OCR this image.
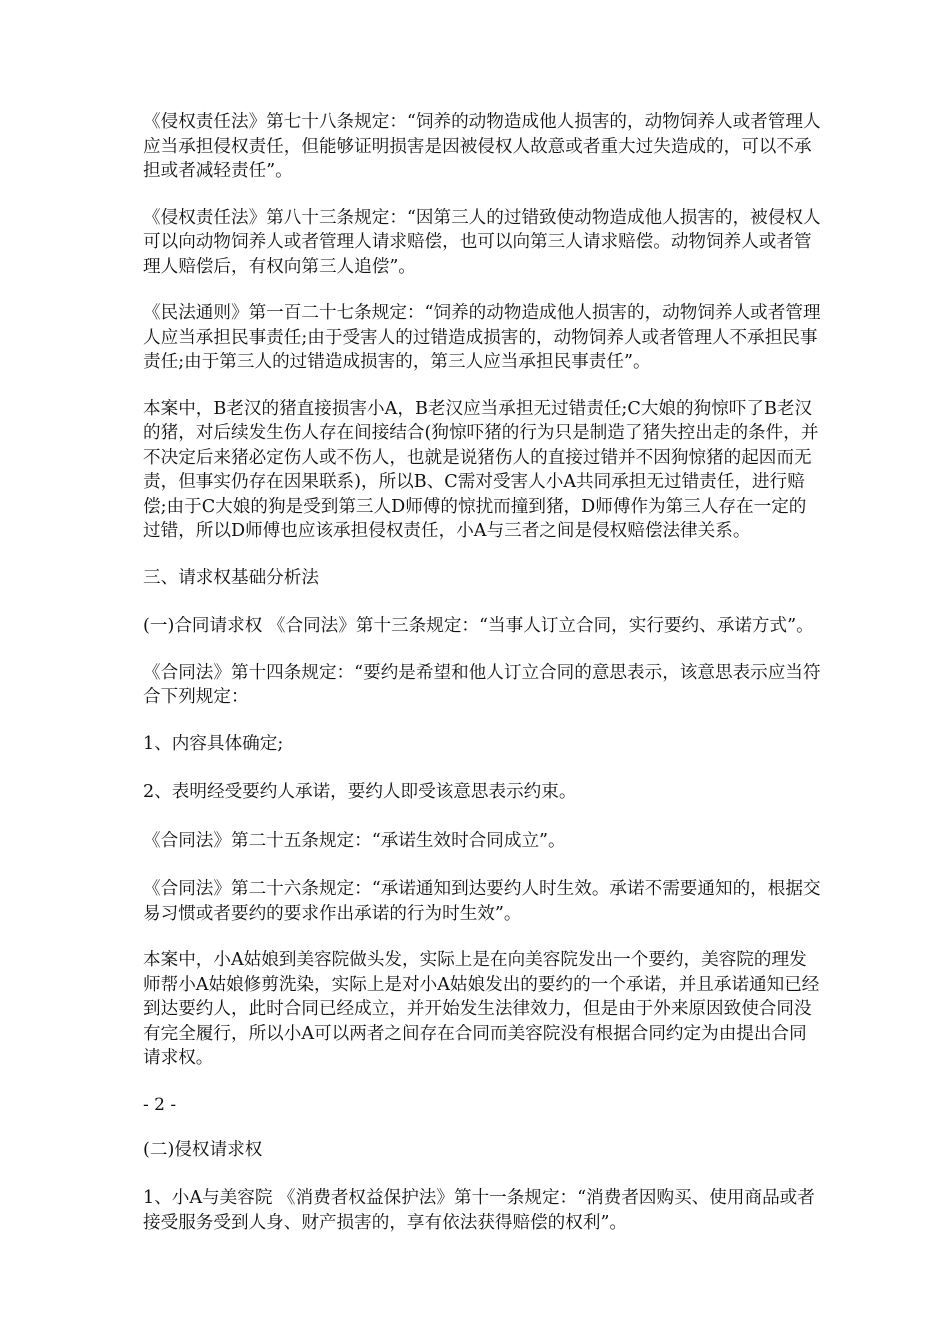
《侵权责任法》第七十八条规定：“饲养的动物造成他人损害的，动物饲养人或者管理人应当承担侵权责任，但能够证明损害是因被侵权人故意或者重大过失造成的，可以不承担或者减轻责任”。

《侵权责任法》第八十三条规定：“因第三人的过错致使动物造成他人损害的，被侵权人可以向动物饲养人或者管理人请求赔偿，也可以向第三人请求赔偿。动物饲养人或者管理人赔偿后，有权向第三人追偿”。

《民法通则》第一百二十七条规定：“饲养的动物造成他人损害的，动物饲养人或者管理人应当承担民事责任;由于受害人的过错造成损害的，动物饲养人或者管理人不承担民事责任;由于第三人的过错造成损害的，第三人应当承担民事责任”。

本案中，B老汉的猪直接损害小A，B老汉应当承担无过错责任;C大娘的狗惊吓了B老汉的猪，对后续发生伤人存在间接结合(狗惊吓猪的行为只是制造了猪失控出走的条件，并不决定后来猪必定伤人或不伤人，也就是说猪伤人的直接过错并不因狗惊猪的起因而无责，但事实仍存在因果联系)，所以B、C需对受害人小A共同承担无过错责任，进行赔偿;由于C大娘的狗是受到第三人D师傅的惊扰而撞到猪，D师傅作为第三人存在一定的过错，所以D师傅也应该承担侵权责任，小A与三者之间是侵权赔偿法律关系。

三、请求权基础分析法

(一)合同请求权 《合同法》第十三条规定：“当事人订立合同，实行要约、承诺方式”。

《合同法》第十四条规定：“要约是希望和他人订立合同的意思表示，该意思表示应当符合下列规定：

1、内容具体确定;

2、表明经受要约人承诺，要约人即受该意思表示约束。

《合同法》第二十五条规定：“承诺生效时合同成立”。

《合同法》第二十六条规定：“承诺通知到达要约人时生效。承诺不需要通知的，根据交易习惯或者要约的要求作出承诺的行为时生效”。

本案中，小A姑娘到美容院做头发，实际上是在向美容院发出一个要约，美容院的理发师帮小A姑娘修剪洗染，实际上是对小A姑娘发出的要约的一个承诺，并且承诺通知已经到达要约人，此时合同已经成立，并开始发生法律效力，但是由于外来原因致使合同没有完全履行，所以小A可以两者之间存在合同而美容院没有根据合同约定为由提出合同请求权。

- 2 -

(二)侵权请求权

1、小A与美容院 《消费者权益保护法》第十一条规定：“消费者因购买、使用商品或者接受服务受到人身、财产损害的，享有依法获得赔偿的权利”。
